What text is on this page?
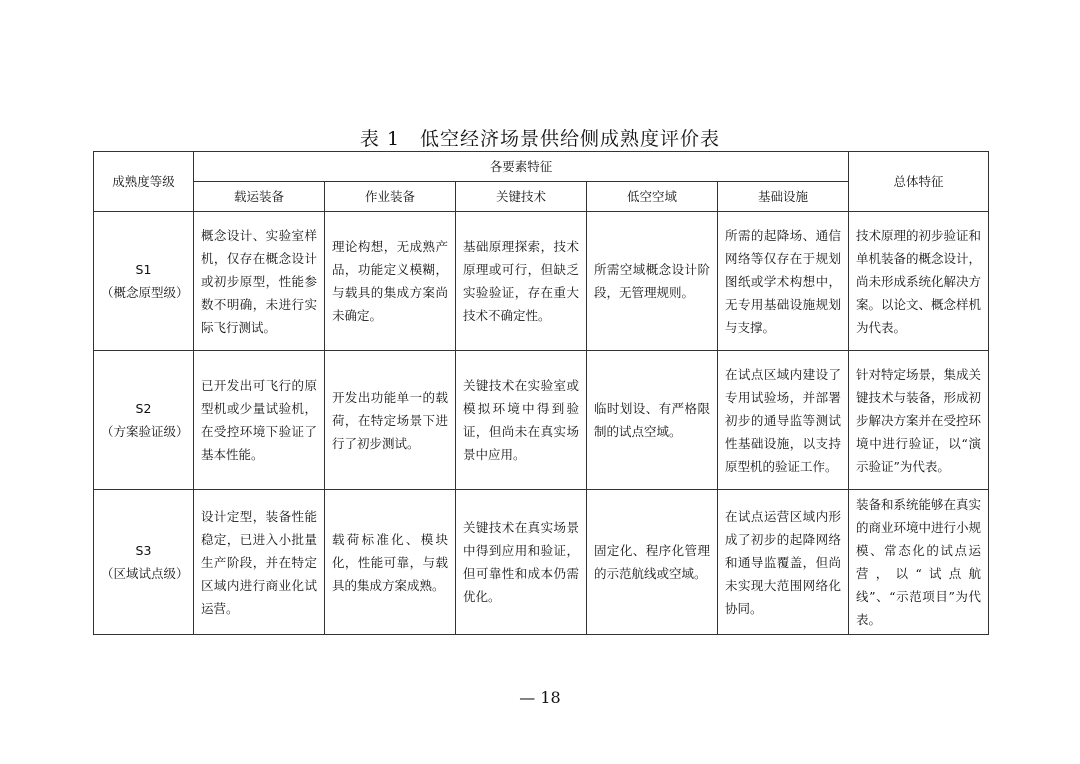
表 1　低空经济场景供给侧成熟度评价表
成熟度等级	各要素特征					总体特征
	载运装备	作业装备	关键技术	低空空域	基础设施	

S1
（概念原型级）	概念设计、实验室样机，仅存在概念设计或初步原型，性能参数不明确，未进行实际飞行测试。	理论构想，无成熟产品，功能定义模糊，与载具的集成方案尚未确定。	基础原理探索，技术原理或可行，但缺乏实验验证，存在重大技术不确定性。	所需空域概念设计阶段，无管理规则。	所需的起降场、通信网络等仅存在于规划图纸或学术构想中，无专用基础设施规划与支撑。	技术原理的初步验证和单机装备的概念设计，尚未形成系统化解决方案。以论文、概念样机为代表。

S2
（方案验证级）	已开发出可飞行的原型机或少量试验机，在受控环境下验证了基本性能。	开发出功能单一的载荷，在特定场景下进行了初步测试。	关键技术在实验室或模拟环境中得到验证，但尚未在真实场景中应用。	临时划设、有严格限制的试点空域。	在试点区域内建设了专用试验场，并部署初步的通导监等测试性基础设施，以支持原型机的验证工作。	针对特定场景，集成关键技术与装备，形成初步解决方案并在受控环境中进行验证，以“演示验证”为代表。

S3
（区域试点级）	设计定型，装备性能稳定，已进入小批量生产阶段，并在特定区域内进行商业化试运营。	载荷标准化、模块化，性能可靠，与载具的集成方案成熟。	关键技术在真实场景中得到应用和验证，但可靠性和成本仍需优化。	固定化、程序化管理的示范航线或空域。	在试点运营区域内形成了初步的起降网络和通导监覆盖，但尚未实现大范围网络化协同。	装备和系统能够在真实的商业环境中进行小规模、常态化的试点运营，以“试点航线”、“示范项目”为代表。
— 18
